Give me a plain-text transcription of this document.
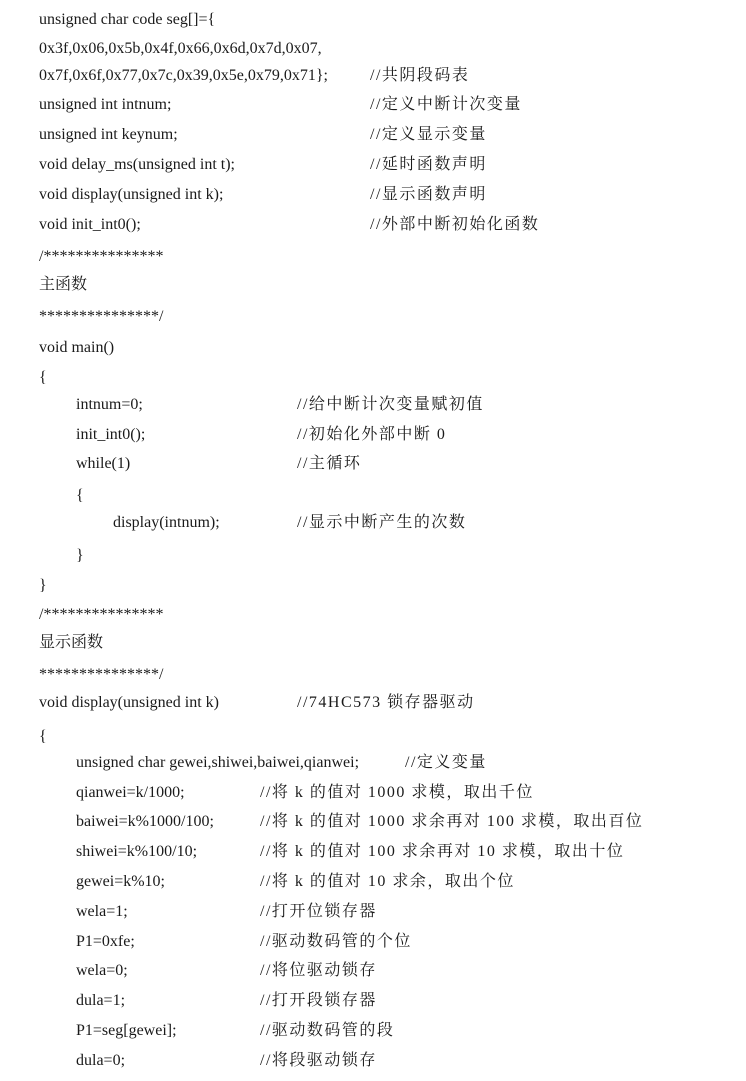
unsigned char code seg[]={
0x3f,0x06,0x5b,0x4f,0x66,0x6d,0x7d,0x07,
0x7f,0x6f,0x77,0x7c,0x39,0x5e,0x79,0x71};	//共阴段码表
unsigned int intnum;	//定义中断计次变量
unsigned int keynum;	//定义显示变量
void delay_ms(unsigned int t);	//延时函数声明
void display(unsigned int k);	//显示函数声明
void init_int0();	//外部中断初始化函数
/***************
主函数
***************/
void main()
{
intnum=0;	//给中断计次变量赋初值
init_int0();	//初始化外部中断 0
while(1)	//主循环
{
display(intnum);	//显示中断产生的次数
}
}
/***************
显示函数
***************/
void display(unsigned int k)	//74HC573 锁存器驱动
{
unsigned char gewei,shiwei,baiwei,qianwei;	//定义变量
qianwei=k/1000;	//将 k 的值对 1000 求模，取出千位
baiwei=k%1000/100;	//将 k 的值对 1000 求余再对 100 求模，取出百位
shiwei=k%100/10;	//将 k 的值对 100 求余再对 10 求模，取出十位
gewei=k%10;	//将 k 的值对 10 求余，取出个位
wela=1;	//打开位锁存器
P1=0xfe;	//驱动数码管的个位
wela=0;	//将位驱动锁存
dula=1;	//打开段锁存器
P1=seg[gewei];	//驱动数码管的段
dula=0;	//将段驱动锁存
